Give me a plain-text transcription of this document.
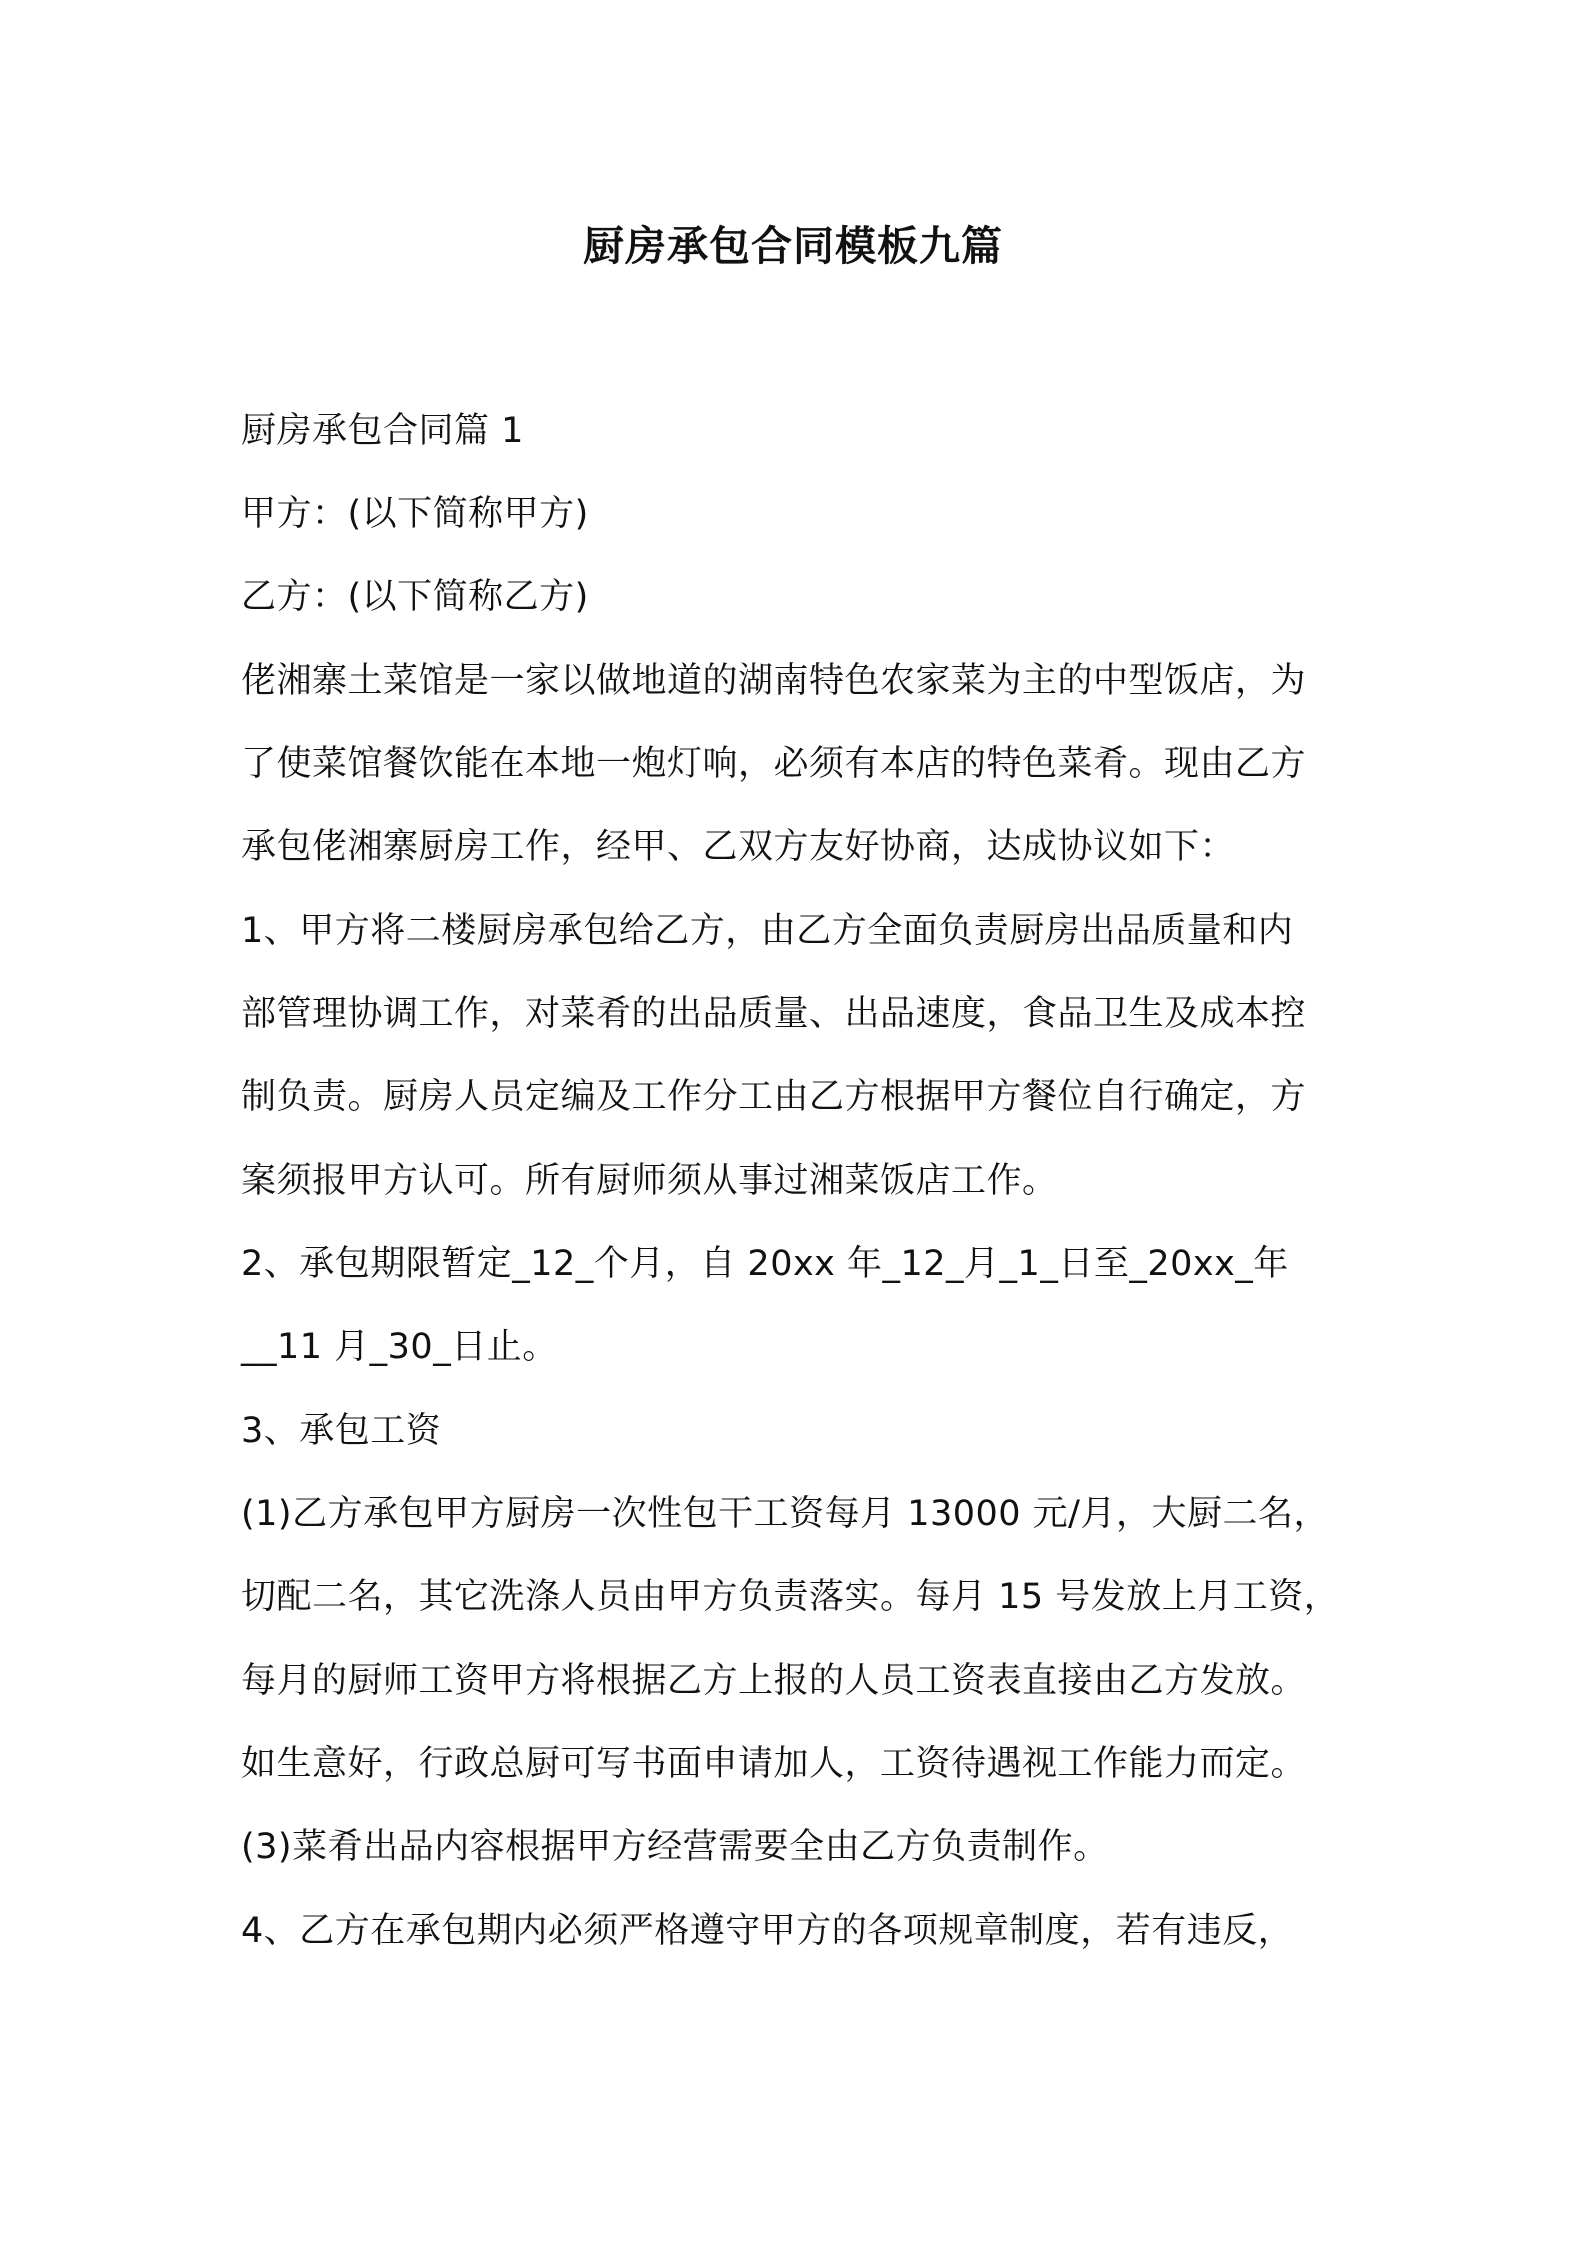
厨房承包合同模板九篇
厨房承包合同篇 1
甲方：(以下简称甲方)
乙方：(以下简称乙方)
佬湘寨土菜馆是一家以做地道的湖南特色农家菜为主的中型饭店，为
了使菜馆餐饮能在本地一炮灯响，必须有本店的特色菜肴。现由乙方
承包佬湘寨厨房工作，经甲、乙双方友好协商，达成协议如下：
1、甲方将二楼厨房承包给乙方，由乙方全面负责厨房出品质量和内
部管理协调工作，对菜肴的出品质量、出品速度，食品卫生及成本控
制负责。厨房人员定编及工作分工由乙方根据甲方餐位自行确定，方
案须报甲方认可。所有厨师须从事过湘菜饭店工作。
2、承包期限暂定_12_个月，自 20xx 年_12_月_1_日至_20xx_年
__11 月_30_日止。
3、承包工资
(1)乙方承包甲方厨房一次性包干工资每月 13000 元/月，大厨二名，
切配二名，其它洗涤人员由甲方负责落实。每月 15 号发放上月工资，
每月的厨师工资甲方将根据乙方上报的人员工资表直接由乙方发放。
如生意好，行政总厨可写书面申请加人，工资待遇视工作能力而定。
(3)菜肴出品内容根据甲方经营需要全由乙方负责制作。
4、乙方在承包期内必须严格遵守甲方的各项规章制度，若有违反，
